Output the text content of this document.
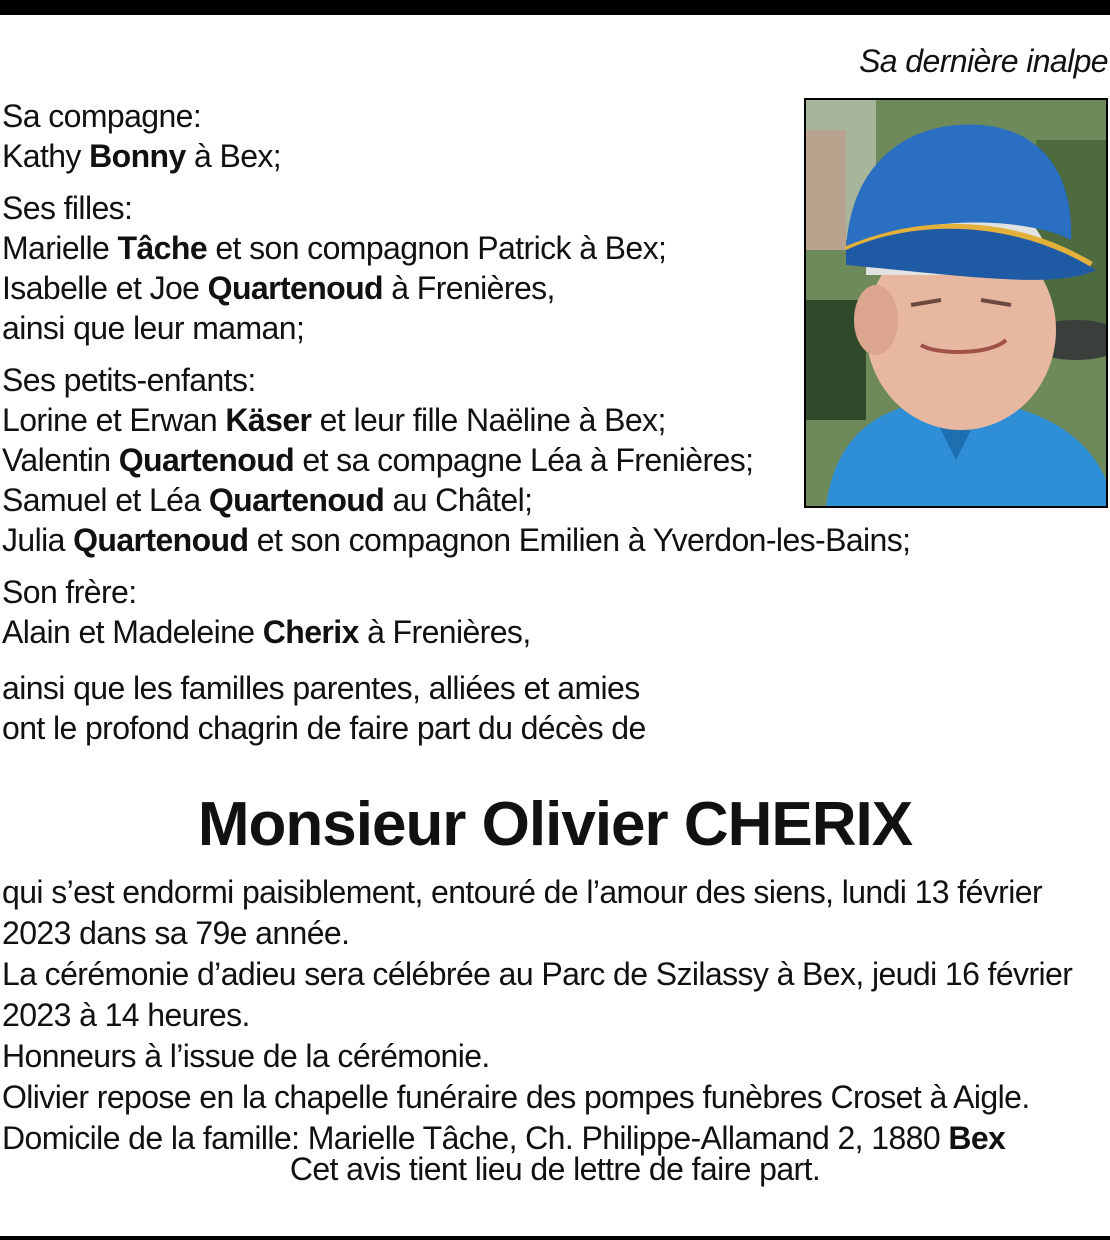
Sa dernière inalpe

Sa compagne:

Kathy Bonny à Bex;

Ses filles:

Marielle Tâche et son compagnon Patrick à Bex;

Isabelle et Joe Quartenoud à Frenières,

ainsi que leur maman;

Ses petits-enfants:

Lorine et Erwan Käser et leur fille Naëline à Bex;

Valentin Quartenoud et sa compagne Léa à Frenières;

Samuel et Léa Quartenoud au Châtel;

Julia Quartenoud et son compagnon Emilien à Yverdon-les-Bains;

Son frère:

Alain et Madeleine Cherix à Frenières,

ainsi que les familles parentes, alliées et amies

ont le profond chagrin de faire part du décès de

Monsieur Olivier CHERIX

qui s’est endormi paisiblement, entouré de l’amour des siens, lundi 13 février

2023 dans sa 79e année.

La cérémonie d’adieu sera célébrée au Parc de Szilassy à Bex, jeudi 16 février

2023 à 14 heures.

Honneurs à l’issue de la cérémonie.

Olivier repose en la chapelle funéraire des pompes funèbres Croset à Aigle.

Domicile de la famille: Marielle Tâche, Ch. Philippe-Allamand 2, 1880 Bex

Cet avis tient lieu de lettre de faire part.
